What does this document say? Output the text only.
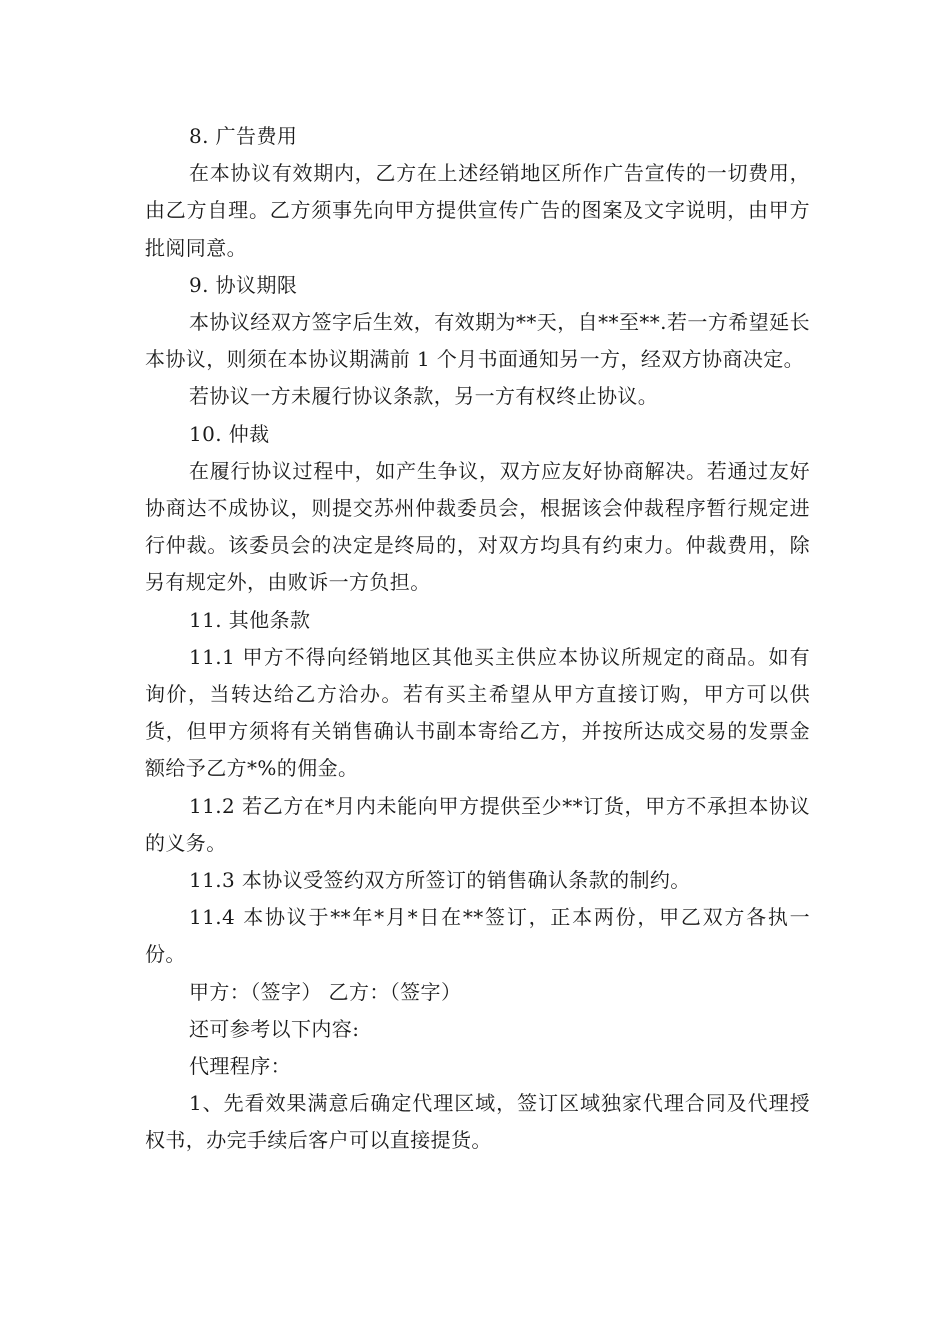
8. 广告费用

在本协议有效期内，乙方在上述经销地区所作广告宣传的一切费用，由乙方自理。乙方须事先向甲方提供宣传广告的图案及文字说明，由甲方批阅同意。

9. 协议期限

本协议经双方签字后生效，有效期为**天，自**至**.若一方希望延长本协议，则须在本协议期满前 1 个月书面通知另一方，经双方协商决定。

若协议一方未履行协议条款，另一方有权终止协议。

10. 仲裁

在履行协议过程中，如产生争议，双方应友好协商解决。若通过友好协商达不成协议，则提交苏州仲裁委员会，根据该会仲裁程序暂行规定进行仲裁。该委员会的决定是终局的，对双方均具有约束力。仲裁费用，除另有规定外，由败诉一方负担。

11. 其他条款

11.1 甲方不得向经销地区其他买主供应本协议所规定的商品。如有询价，当转达给乙方洽办。若有买主希望从甲方直接订购，甲方可以供货，但甲方须将有关销售确认书副本寄给乙方，并按所达成交易的发票金额给予乙方*%的佣金。

11.2 若乙方在*月内未能向甲方提供至少**订货，甲方不承担本协议的义务。

11.3 本协议受签约双方所签订的销售确认条款的制约。

11.4 本协议于**年*月*日在**签订，正本两份，甲乙双方各执一份。

甲方：（签字） 乙方：（签字）

还可参考以下内容:

代理程序：

1、先看效果满意后确定代理区域，签订区域独家代理合同及代理授权书，办完手续后客户可以直接提货。
